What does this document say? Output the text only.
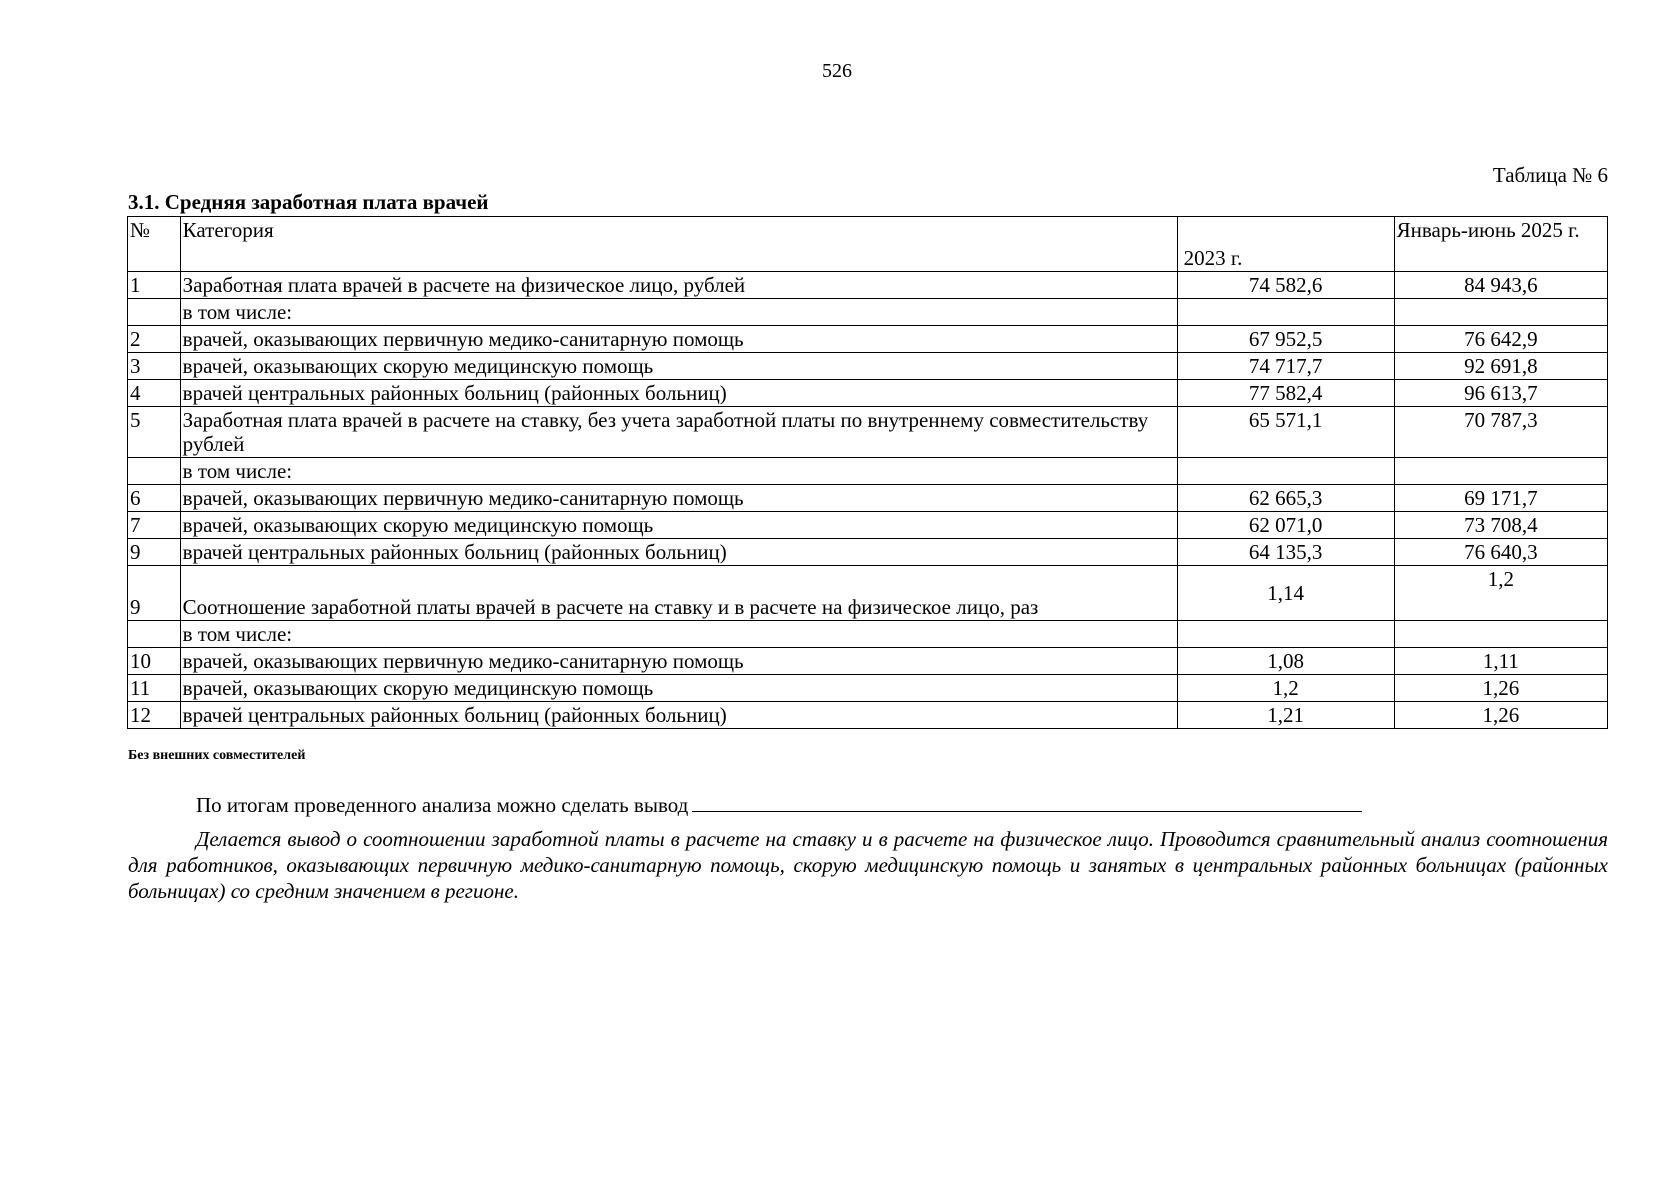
526
Таблица № 6
3.1. Средняя заработная плата врачей
№	Категория	2023 г.	Январь-июнь 2025 г.
1	Заработная плата врачей в расчете на физическое лицо, рублей	74 582,6	84 943,6
	в том числе:		
2	врачей, оказывающих первичную медико-санитарную помощь	67 952,5	76 642,9
3	врачей, оказывающих скорую медицинскую помощь	74 717,7	92 691,8
4	врачей центральных районных больниц (районных больниц)	77 582,4	96 613,7
5	Заработная плата врачей в расчете на ставку, без учета заработной платы по внутреннему совместительству рублей	65 571,1	70 787,3
	в том числе:		
6	врачей, оказывающих первичную медико-санитарную помощь	62 665,3	69 171,7
7	врачей, оказывающих скорую медицинскую помощь	62 071,0	73 708,4
9	врачей центральных районных больниц (районных больниц)	64 135,3	76 640,3
9	Соотношение заработной платы врачей в расчете на ставку и в расчете на физическое лицо, раз	1,14	1,2
	в том числе:		
10	врачей, оказывающих первичную медико-санитарную помощь	1,08	1,11
11	врачей, оказывающих скорую медицинскую помощь	1,2	1,26
12	врачей центральных районных больниц (районных больниц)	1,21	1,26
Без внешних совместителей
По итогам проведенного анализа можно сделать вывод
Делается вывод о соотношении заработной платы в расчете на ставку и в расчете на физическое лицо. Проводится сравнительный анализ соотношения для работников, оказывающих первичную медико-санитарную помощь, скорую медицинскую помощь и занятых в центральных районных больницах (районных больницах) со средним значением в регионе.
